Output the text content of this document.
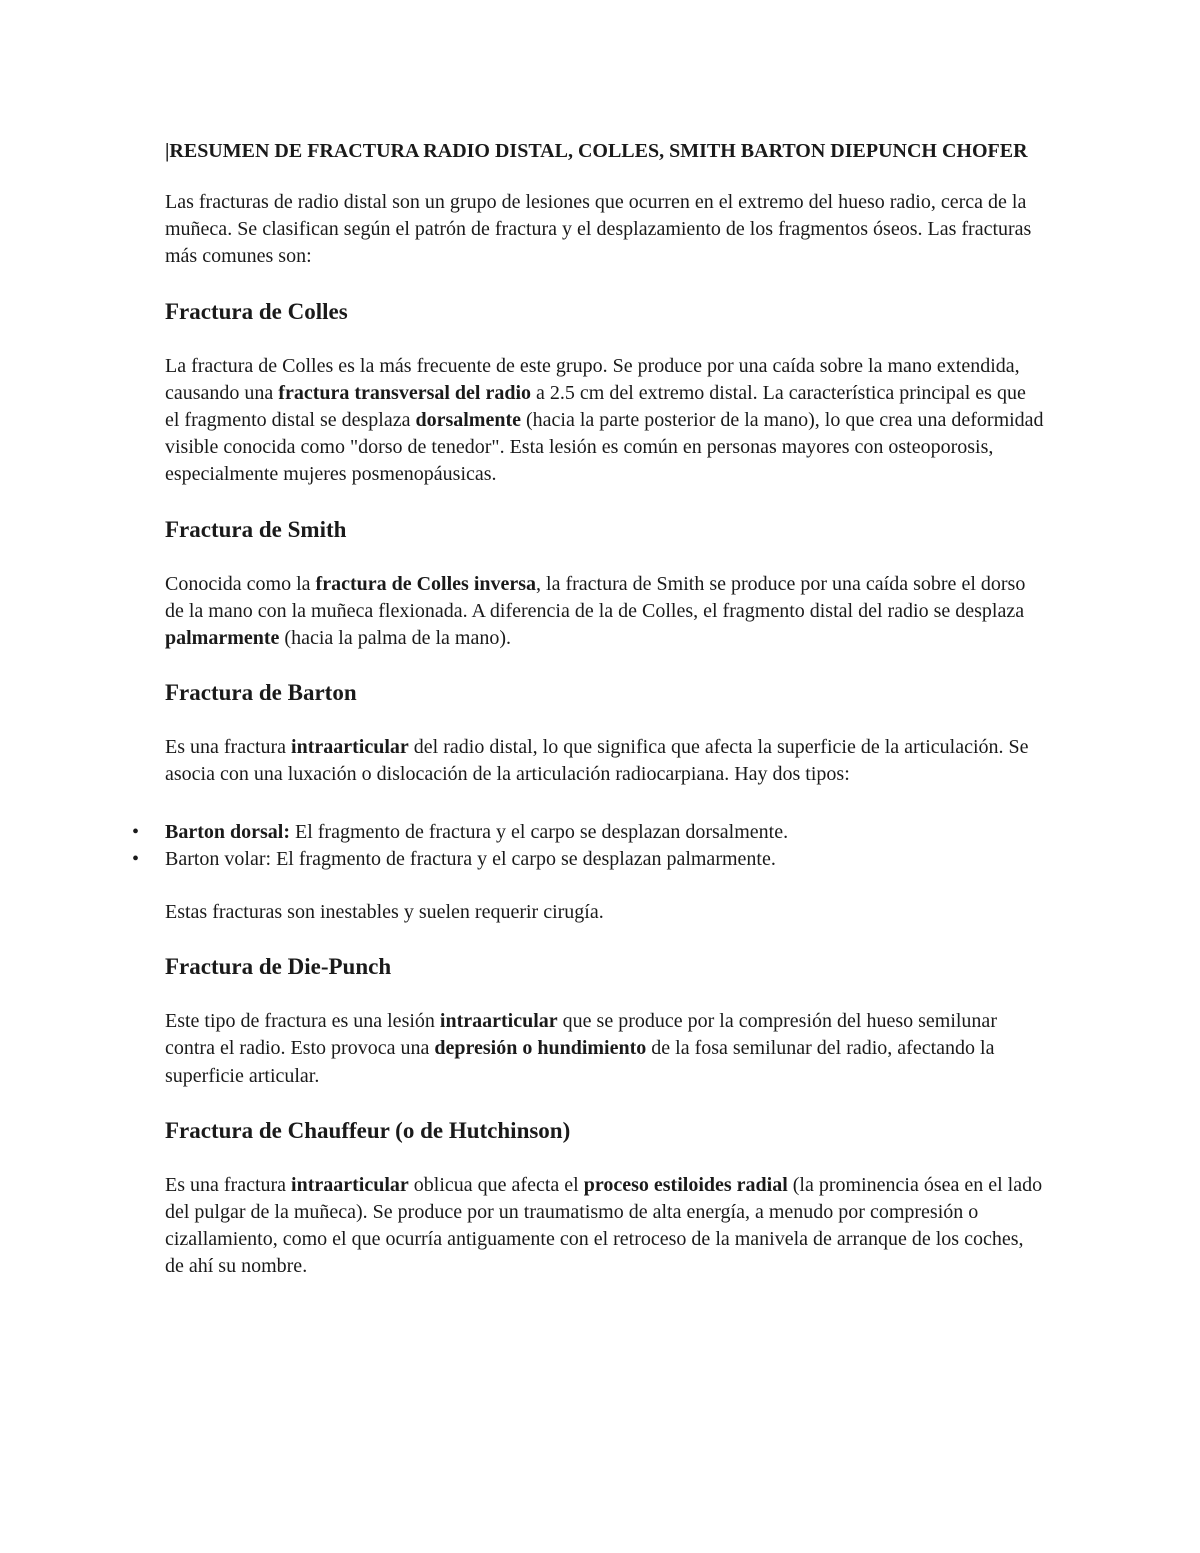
|RESUMEN DE FRACTURA RADIO DISTAL, COLLES, SMITH BARTON DIEPUNCH CHOFER

Las fracturas de radio distal son un grupo de lesiones que ocurren en el extremo del hueso radio, cerca de la muñeca. Se clasifican según el patrón de fractura y el desplazamiento de los fragmentos óseos. Las fracturas más comunes son:

Fractura de Colles

La fractura de Colles es la más frecuente de este grupo. Se produce por una caída sobre la mano extendida, causando una fractura transversal del radio a 2.5 cm del extremo distal. La característica principal es que el fragmento distal se desplaza dorsalmente (hacia la parte posterior de la mano), lo que crea una deformidad visible conocida como "dorso de tenedor". Esta lesión es común en personas mayores con osteoporosis, especialmente mujeres posmenopáusicas.

Fractura de Smith

Conocida como la fractura de Colles inversa, la fractura de Smith se produce por una caída sobre el dorso de la mano con la muñeca flexionada. A diferencia de la de Colles, el fragmento distal del radio se desplaza palmarmente (hacia la palma de la mano).

Fractura de Barton

Es una fractura intraarticular del radio distal, lo que significa que afecta la superficie de la articulación. Se asocia con una luxación o dislocación de la articulación radiocarpiana. Hay dos tipos:

• Barton dorsal: El fragmento de fractura y el carpo se desplazan dorsalmente.
• Barton volar: El fragmento de fractura y el carpo se desplazan palmarmente.

Estas fracturas son inestables y suelen requerir cirugía.

Fractura de Die-Punch

Este tipo de fractura es una lesión intraarticular que se produce por la compresión del hueso semilunar contra el radio. Esto provoca una depresión o hundimiento de la fosa semilunar del radio, afectando la superficie articular.

Fractura de Chauffeur (o de Hutchinson)

Es una fractura intraarticular oblicua que afecta el proceso estiloides radial (la prominencia ósea en el lado del pulgar de la muñeca). Se produce por un traumatismo de alta energía, a menudo por compresión o cizallamiento, como el que ocurría antiguamente con el retroceso de la manivela de arranque de los coches, de ahí su nombre.
